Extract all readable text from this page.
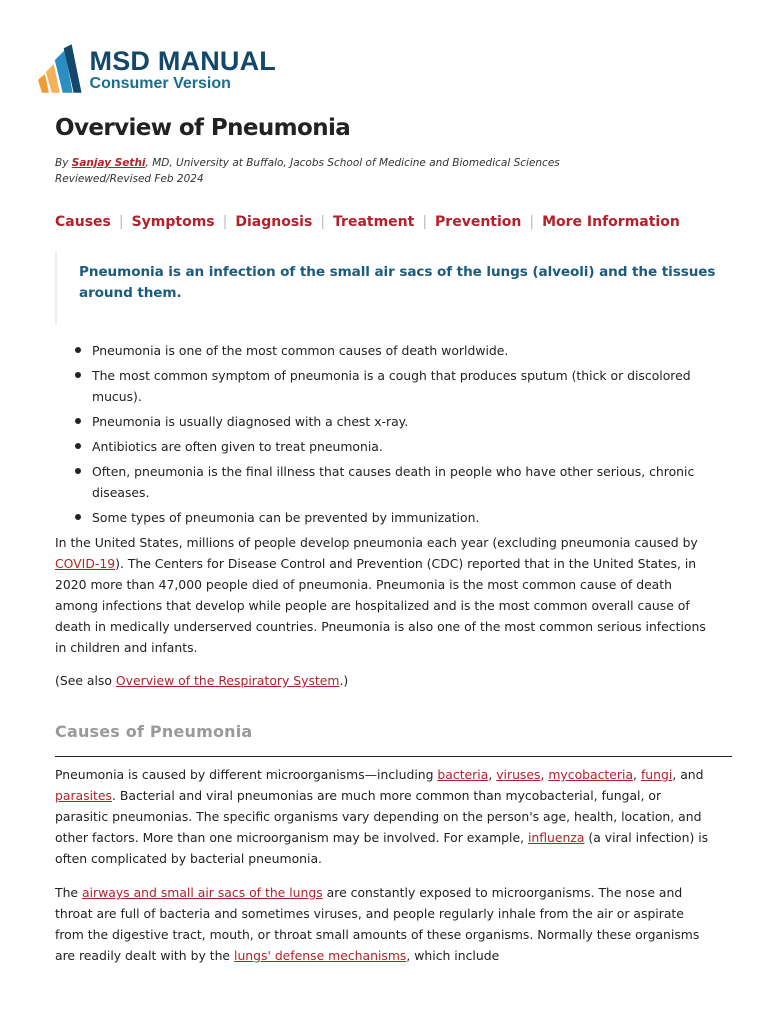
MSD MANUAL
Consumer Version
Overview of Pneumonia
By Sanjay Sethi, MD, University at Buffalo, Jacobs School of Medicine and Biomedical Sciences
Reviewed/Revised Feb 2024
Causes | Symptoms | Diagnosis | Treatment | Prevention | More Information

Pneumonia is an infection of the small air sacs of the lungs (alveoli) and the tissues around them.

Pneumonia is one of the most common causes of death worldwide.
The most common symptom of pneumonia is a cough that produces sputum (thick or discolored mucus).
Pneumonia is usually diagnosed with a chest x-ray.
Antibiotics are often given to treat pneumonia.
Often, pneumonia is the final illness that causes death in people who have other serious, chronic diseases.
Some types of pneumonia can be prevented by immunization.

In the United States, millions of people develop pneumonia each year (excluding pneumonia caused by COVID-19). The Centers for Disease Control and Prevention (CDC) reported that in the United States, in 2020 more than 47,000 people died of pneumonia. Pneumonia is the most common cause of death among infections that develop while people are hospitalized and is the most common overall cause of death in medically underserved countries. Pneumonia is also one of the most common serious infections in children and infants.

(See also Overview of the Respiratory System.)

Causes of Pneumonia

Pneumonia is caused by different microorganisms—including bacteria, viruses, mycobacteria, fungi, and parasites. Bacterial and viral pneumonias are much more common than mycobacterial, fungal, or parasitic pneumonias. The specific organisms vary depending on the person's age, health, location, and other factors. More than one microorganism may be involved. For example, influenza (a viral infection) is often complicated by bacterial pneumonia.

The airways and small air sacs of the lungs are constantly exposed to microorganisms. The nose and throat are full of bacteria and sometimes viruses, and people regularly inhale from the air or aspirate from the digestive tract, mouth, or throat small amounts of these organisms. Normally these organisms are readily dealt with by the lungs' defense mechanisms, which include
